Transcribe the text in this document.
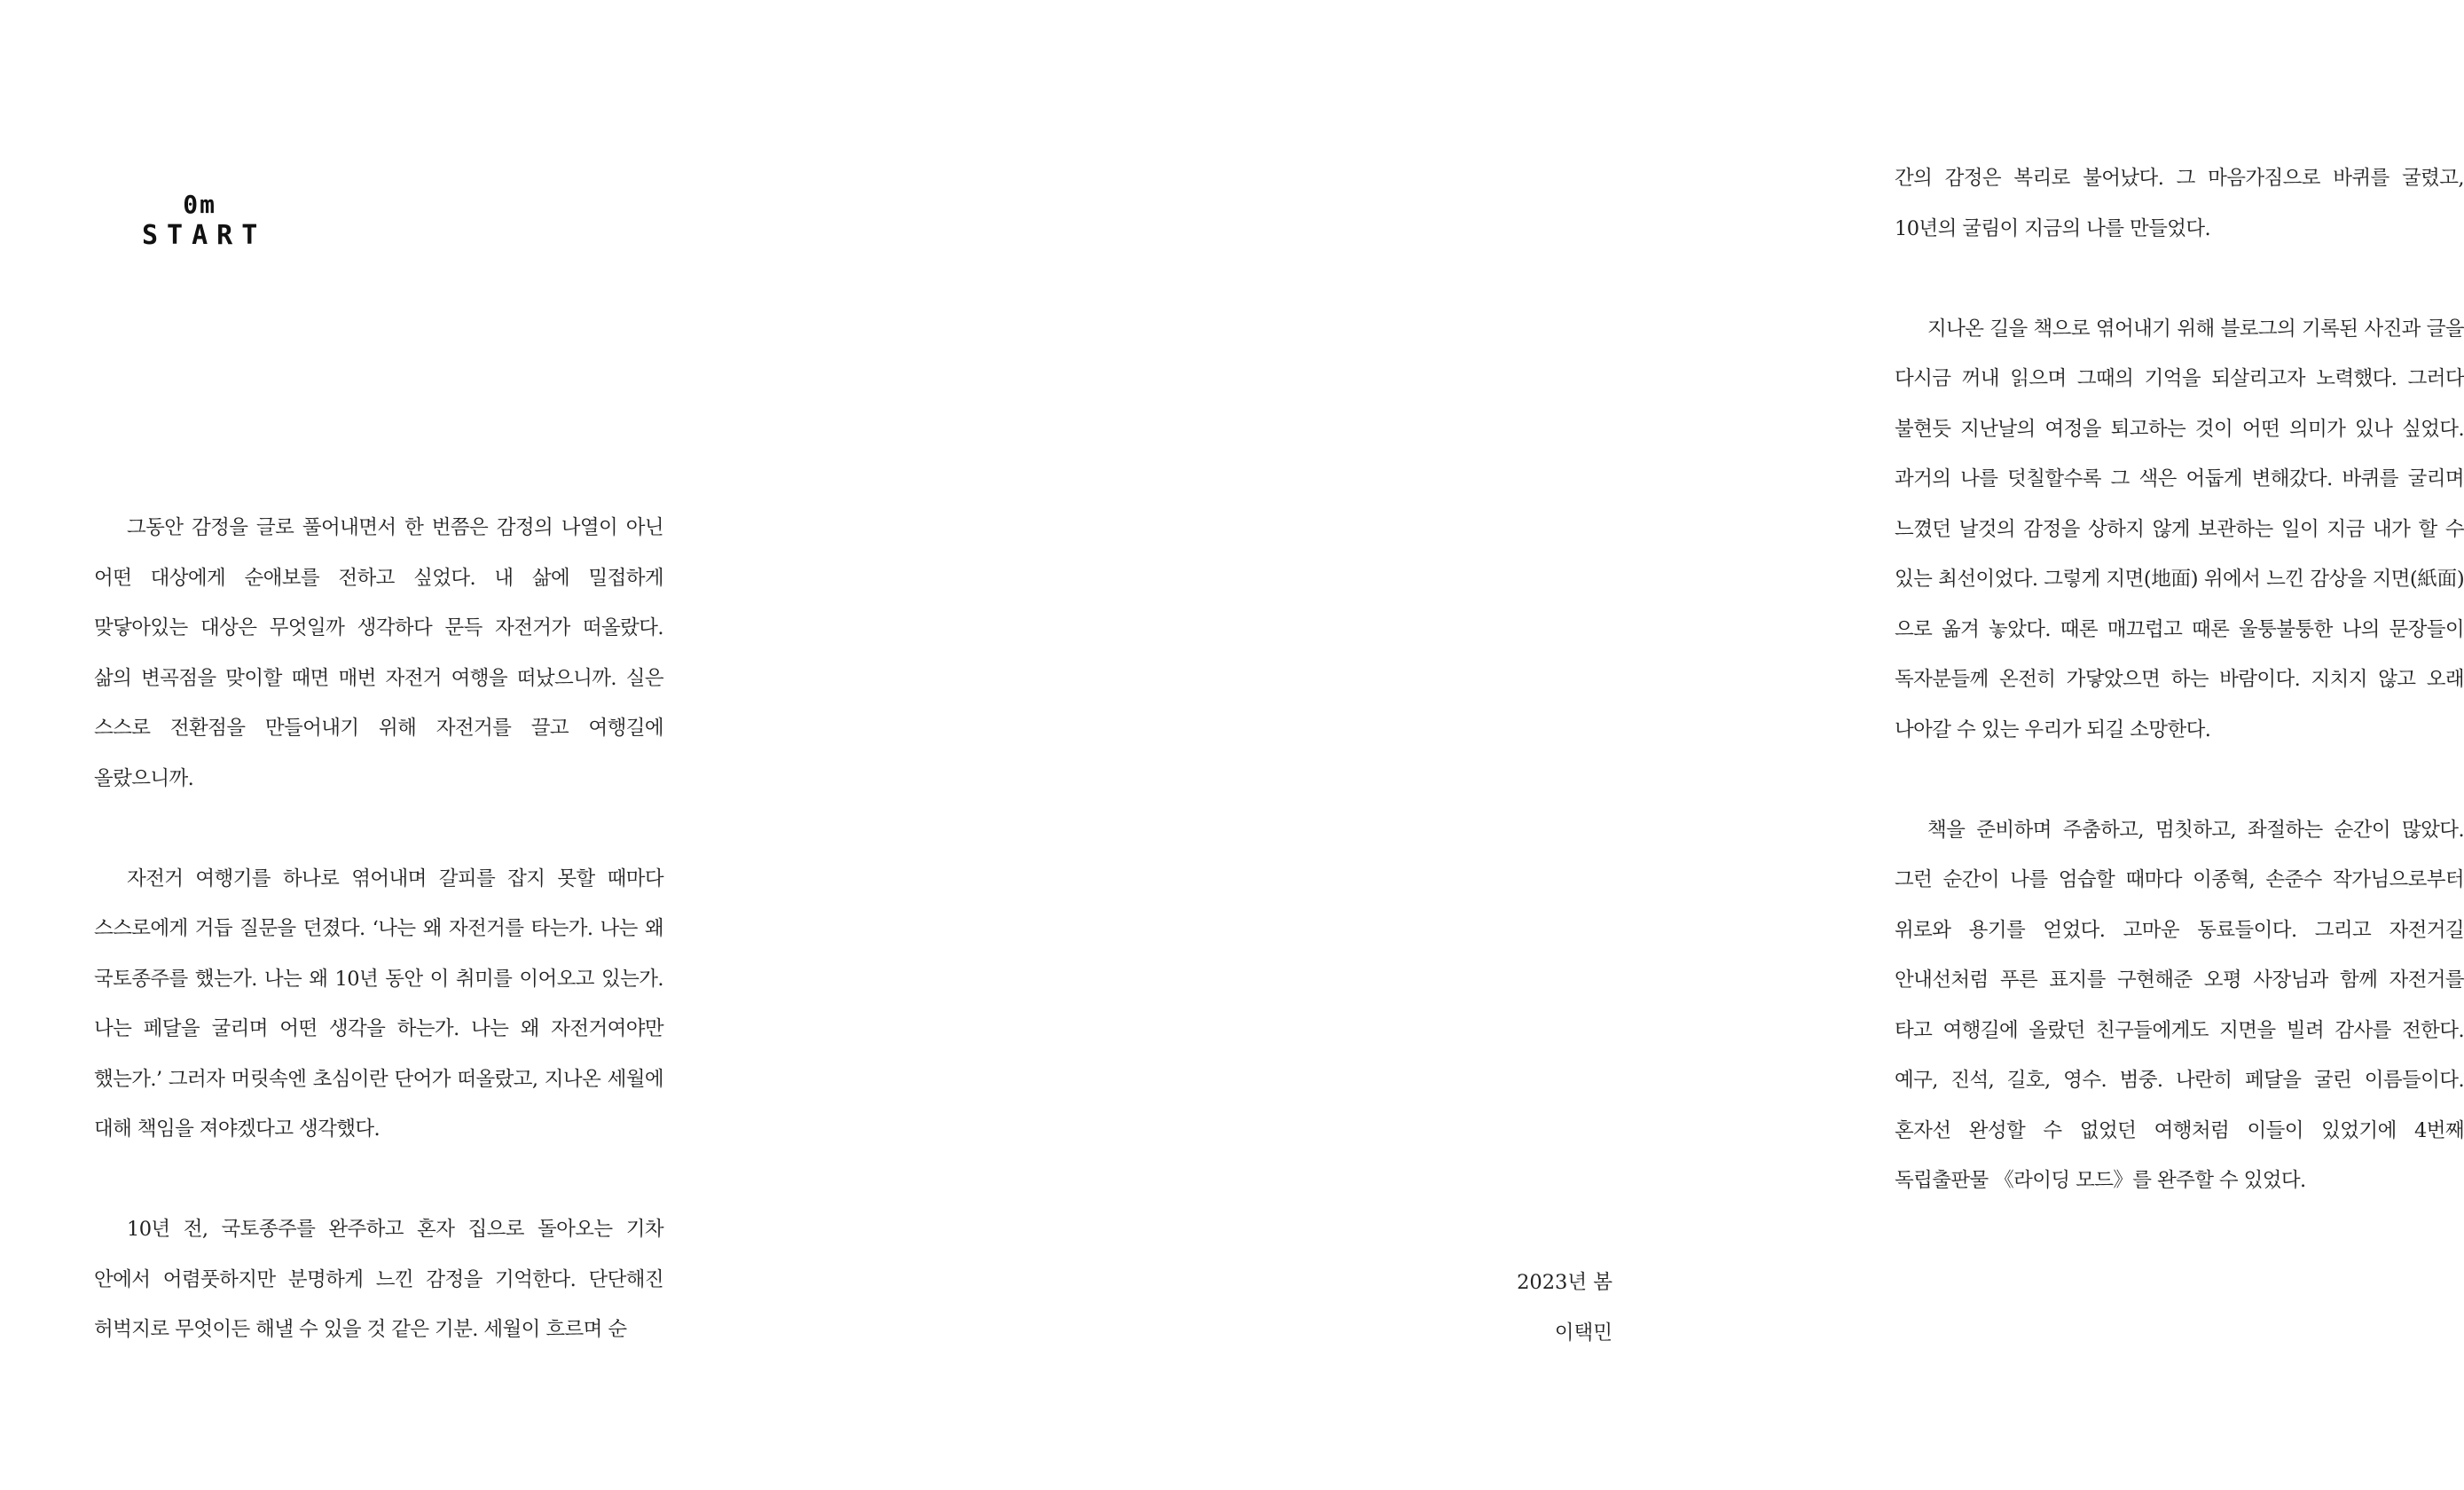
0m
START

그동안 감정을 글로 풀어내면서 한 번쯤은 감정의 나열이 아닌 어떤 대상에게 순애보를 전하고 싶었다. 내 삶에 밀접하게 맞닿아있는 대상은 무엇일까 생각하다 문득 자전거가 떠올랐다. 삶의 변곡점을 맞이할 때면 매번 자전거 여행을 떠났으니까. 실은 스스로 전환점을 만들어내기 위해 자전거를 끌고 여행길에 올랐으니까.

자전거 여행기를 하나로 엮어내며 갈피를 잡지 못할 때마다 스스로에게 거듭 질문을 던졌다. ‘나는 왜 자전거를 타는가. 나는 왜 국토종주를 했는가. 나는 왜 10년 동안 이 취미를 이어오고 있는가. 나는 페달을 굴리며 어떤 생각을 하는가. 나는 왜 자전거여야만 했는가.’ 그러자 머릿속엔 초심이란 단어가 떠올랐고, 지나온 세월에 대해 책임을 져야겠다고 생각했다.

10년 전, 국토종주를 완주하고 혼자 집으로 돌아오는 기차 안에서 어렴풋하지만 분명하게 느낀 감정을 기억한다. 단단해진 허벅지로 무엇이든 해낼 수 있을 것 같은 기분. 세월이 흐르며 순

간의 감정은 복리로 불어났다. 그 마음가짐으로 바퀴를 굴렸고, 10년의 굴림이 지금의 나를 만들었다.

지나온 길을 책으로 엮어내기 위해 블로그의 기록된 사진과 글을 다시금 꺼내 읽으며 그때의 기억을 되살리고자 노력했다. 그러다 불현듯 지난날의 여정을 퇴고하는 것이 어떤 의미가 있나 싶었다. 과거의 나를 덧칠할수록 그 색은 어둡게 변해갔다. 바퀴를 굴리며 느꼈던 날것의 감정을 상하지 않게 보관하는 일이 지금 내가 할 수 있는 최선이었다. 그렇게 지면(地面) 위에서 느낀 감상을 지면(紙面)으로 옮겨 놓았다. 때론 매끄럽고 때론 울퉁불퉁한 나의 문장들이 독자분들께 온전히 가닿았으면 하는 바람이다. 지치지 않고 오래 나아갈 수 있는 우리가 되길 소망한다.

책을 준비하며 주춤하고, 멈칫하고, 좌절하는 순간이 많았다. 그런 순간이 나를 엄습할 때마다 이종혁, 손준수 작가님으로부터 위로와 용기를 얻었다. 고마운 동료들이다. 그리고 자전거길 안내선처럼 푸른 표지를 구현해준 오평 사장님과 함께 자전거를 타고 여행길에 올랐던 친구들에게도 지면을 빌려 감사를 전한다. 예구, 진석, 길호, 영수. 범중. 나란히 페달을 굴린 이름들이다. 혼자선 완성할 수 없었던 여행처럼 이들이 있었기에 4번째 독립출판물 《라이딩 모드》를 완주할 수 있었다.

2023년 봄
이택민
